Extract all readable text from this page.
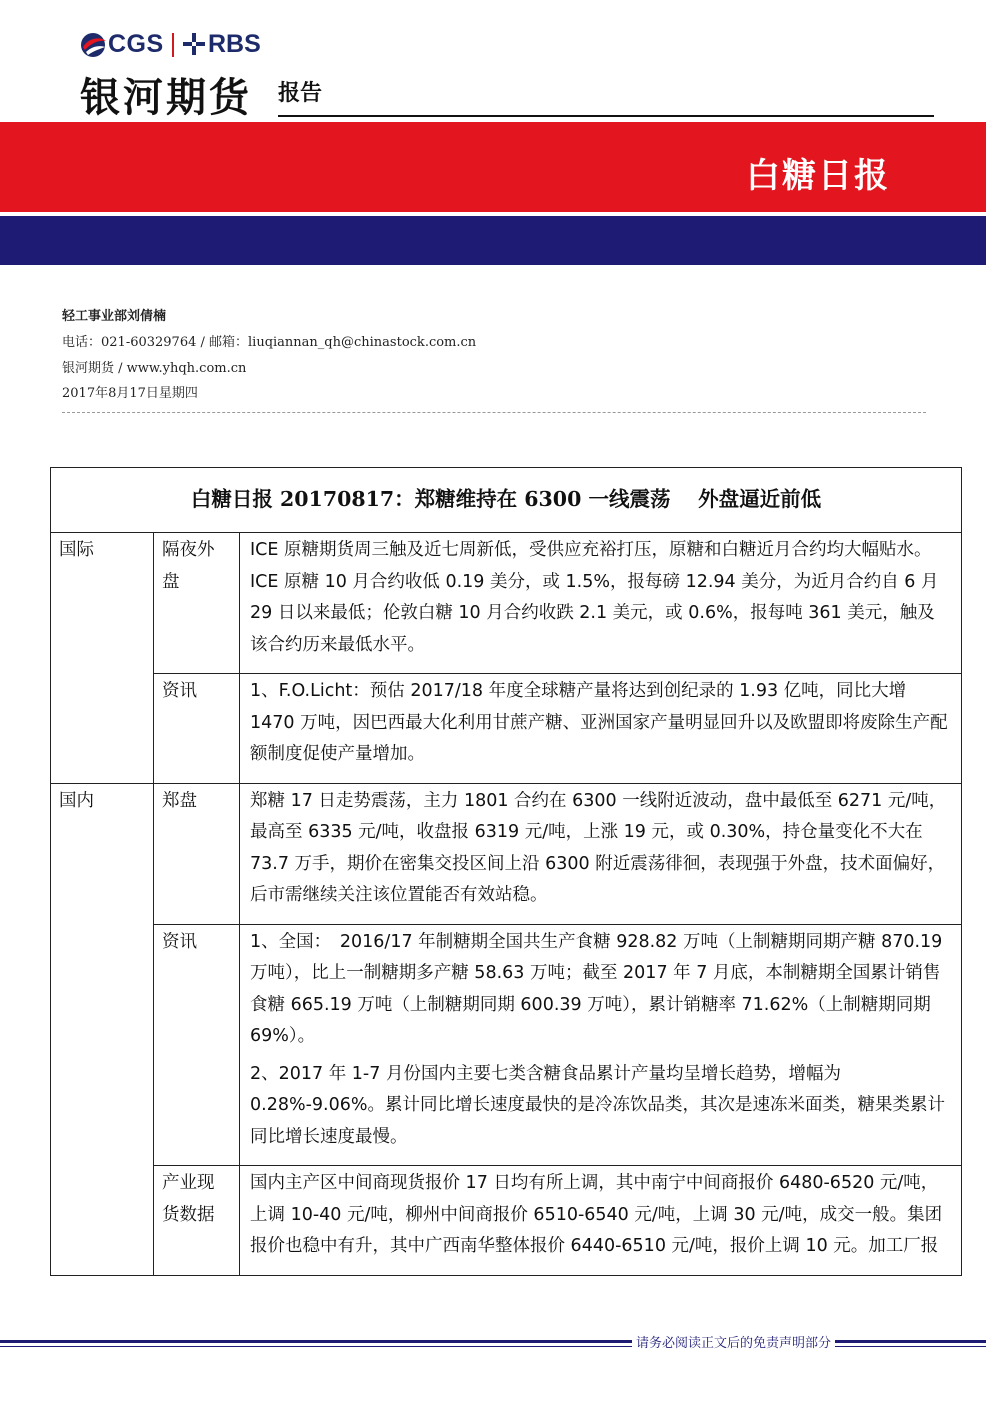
CGS RBS
银河期货 报告
白糖日报
轻工事业部刘倩楠
电话：021-60329764 / 邮箱：liuqiannan_qh@chinastock.com.cn
银河期货 / www.yhqh.com.cn
2017年8月17日星期四
白糖日报 20170817：郑糖维持在 6300 一线震荡　 外盘逼近前低		
国际	隔夜外盘	ICE 原糖期货周三触及近七周新低，受供应充裕打压，原糖和白糖近月合约均大幅贴水。ICE 原糖 10 月合约收低 0.19 美分，或 1.5%，报每磅 12.94 美分，为近月合约自 6 月 29 日以来最低；伦敦白糖 10 月合约收跌 2.1 美元，或 0.6%，报每吨 361 美元，触及该合约历来最低水平。

	资讯	1、F.O.Licht：预估 2017/18 年度全球糖产量将达到创纪录的 1.93 亿吨，同比大增 1470 万吨，因巴西最大化利用甘蔗产糖、亚洲国家产量明显回升以及欧盟即将废除生产配额制度促使产量增加。

国内	郑盘	郑糖 17 日走势震荡，主力 1801 合约在 6300 一线附近波动，盘中最低至 6271 元/吨，最高至 6335 元/吨，收盘报 6319 元/吨，上涨 19 元，或 0.30%，持仓量变化不大在 73.7 万手，期价在密集交投区间上沿 6300 附近震荡徘徊，表现强于外盘，技术面偏好，后市需继续关注该位置能否有效站稳。

	资讯	1、全国：　2016/17 年制糖期全国共生产食糖 928.82 万吨（上制糖期同期产糖 870.19 万吨），比上一制糖期多产糖 58.63 万吨；截至 2017 年 7 月底，本制糖期全国累计销售食糖 665.19 万吨（上制糖期同期 600.39 万吨），累计销糖率 71.62%（上制糖期同期 69%）。

2、2017 年 1-7 月份国内主要七类含糖食品累计产量均呈增长趋势，增幅为 0.28%-9.06%。累计同比增长速度最快的是冷冻饮品类，其次是速冻米面类，糖果类累计同比增长速度最慢。

	产业现货数据	国内主产区中间商现货报价 17 日均有所上调，其中南宁中间商报价 6480-6520 元/吨，上调 10-40 元/吨，柳州中间商报价 6510-6540 元/吨，上调 30 元/吨，成交一般。集团报价也稳中有升，其中广西南华整体报价 6440-6510 元/吨，报价上调 10 元。加工厂报

请务必阅读正文后的免责声明部分
